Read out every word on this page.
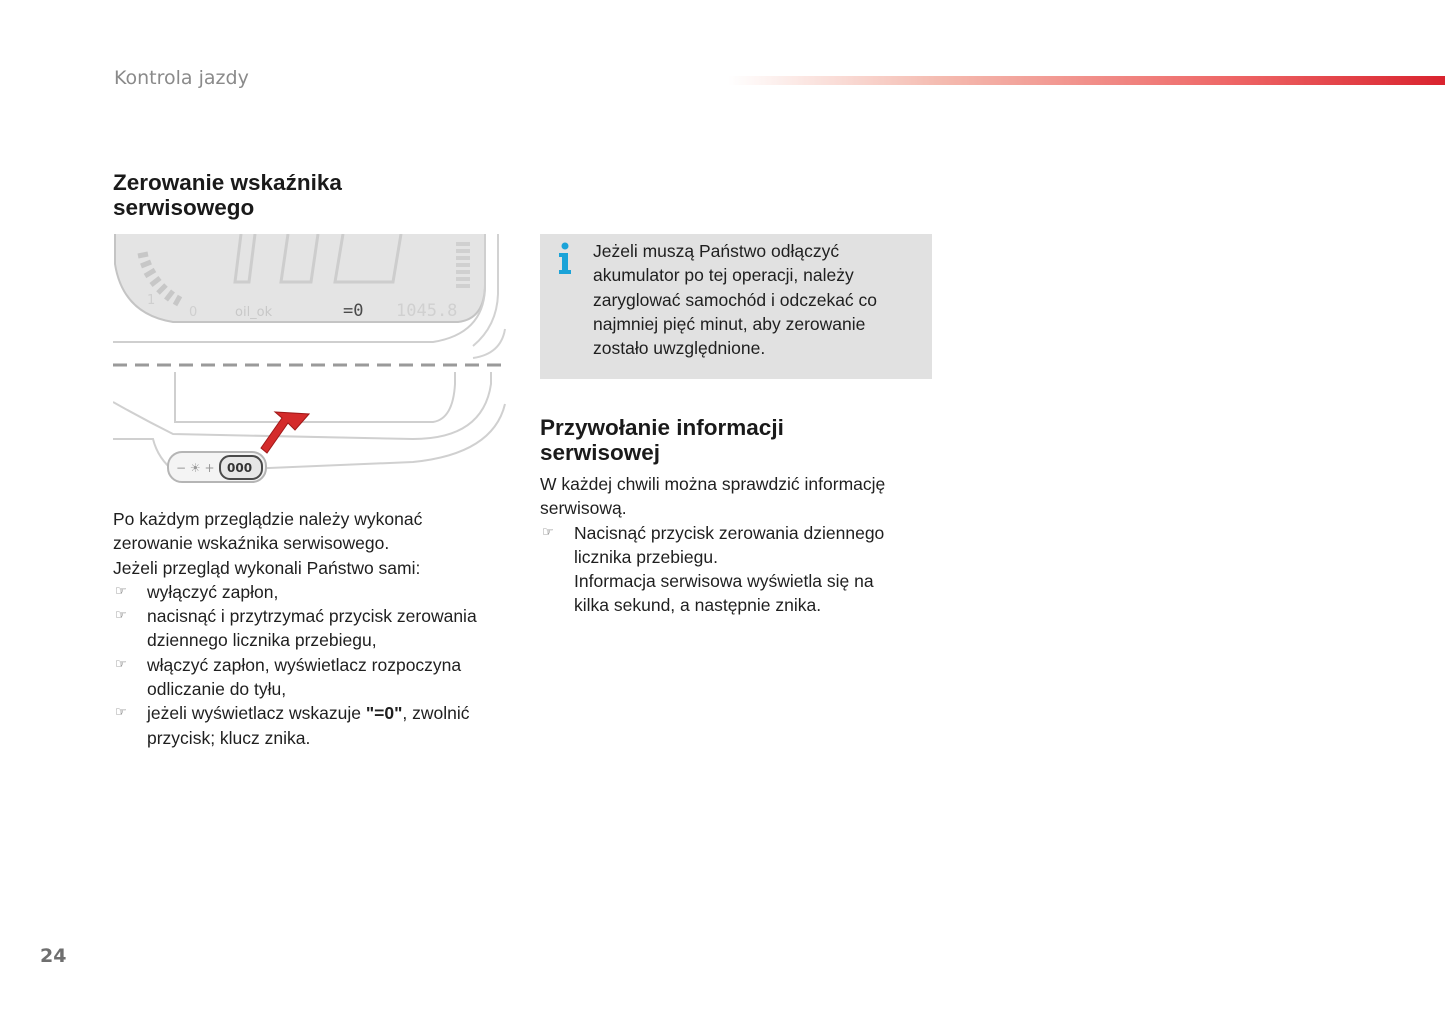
Kontrola jazdy
Zerowanie wskaźnika
serwisowego
1
0	oil_ok	=0 1045.8
− ☀ + 000

Po każdym przeglądzie należy wykonać

zerowanie wskaźnika serwisowego.

Jeżeli przegląd wykonali Państwo sami:

☞ wyłączyć zapłon,
☞ nacisnąć i przytrzymać przycisk zerowania
dziennego licznika przebiegu,
☞ włączyć zapłon, wyświetlacz rozpoczyna
odliczanie do tyłu,
☞ jeżeli wyświetlacz wskazuje "=0", zwolnić
przycisk; klucz znika.
Jeżeli muszą Państwo odłączyć
akumulator po tej operacji, należy
zaryglować samochód i odczekać co
najmniej pięć minut, aby zerowanie
zostało uwzględnione.
Przywołanie informacji
serwisowej

W każdej chwili można sprawdzić informację

serwisową.

☞ Nacisnąć przycisk zerowania dziennego
licznika przebiegu.

Informacja serwisowa wyświetla się na

kilka sekund, a następnie znika.

24
